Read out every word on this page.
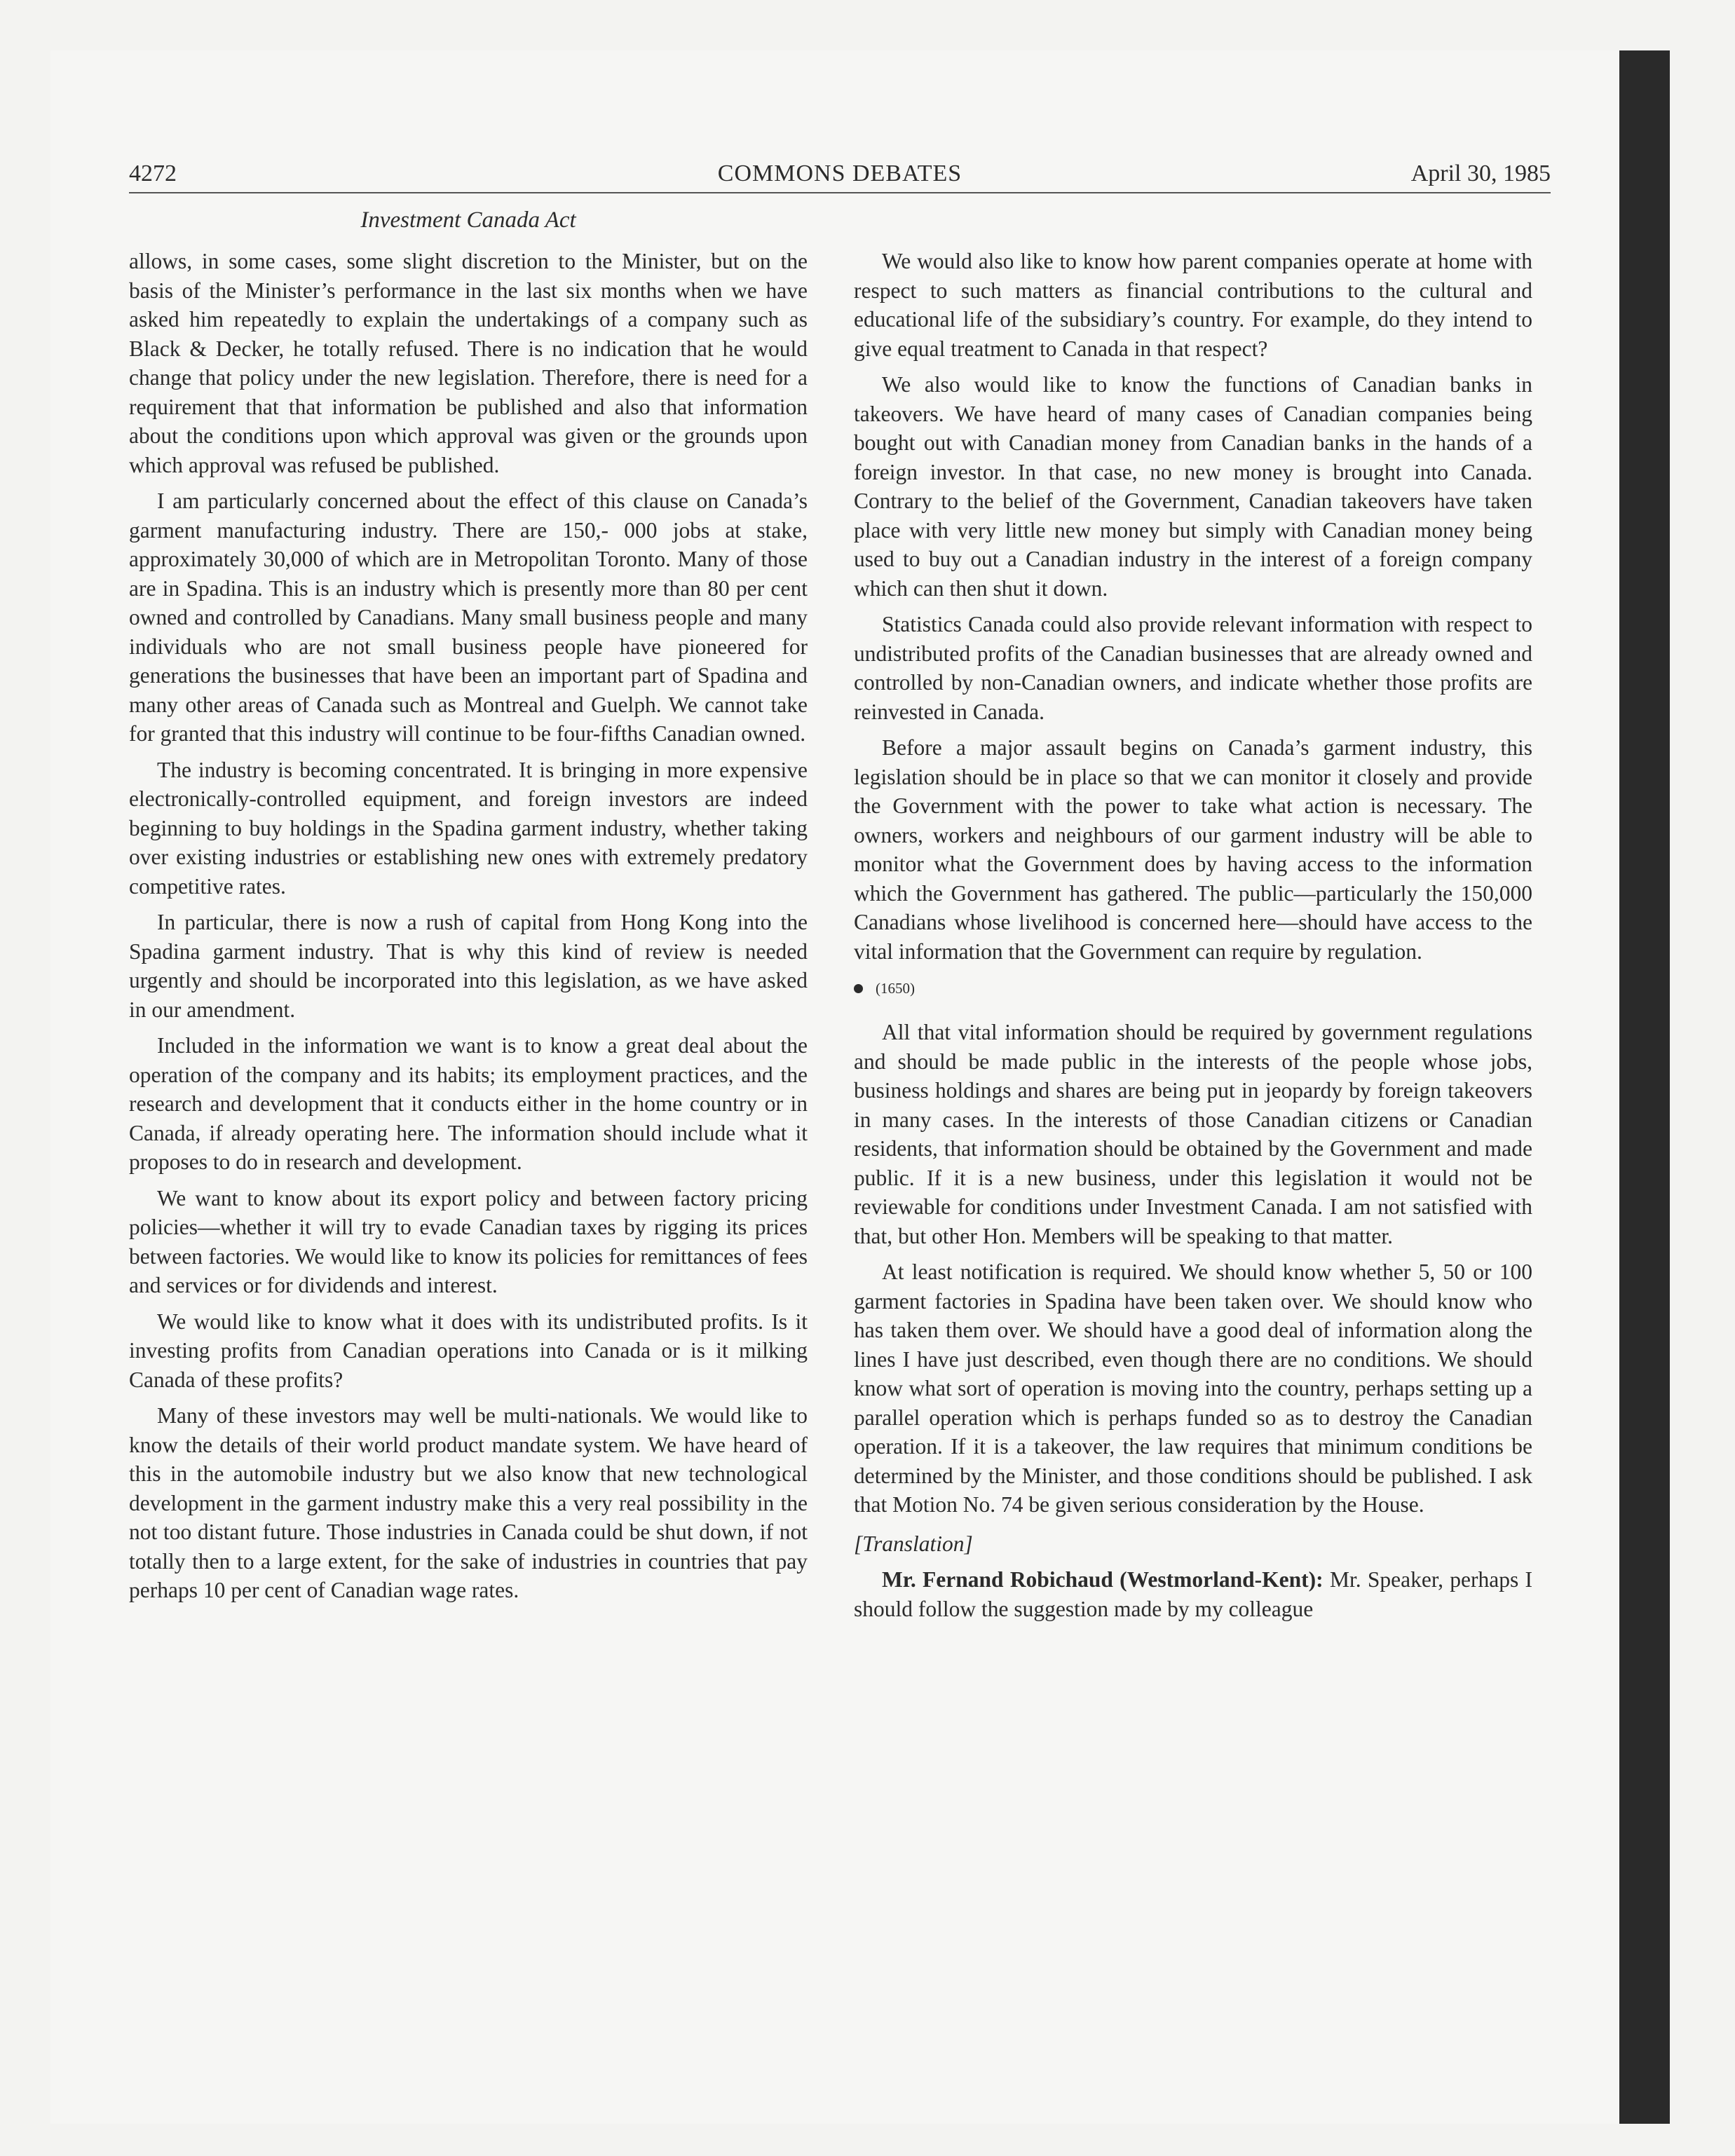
4272	COMMONS DEBATES	April 30, 1985
Investment Canada Act

allows, in some cases, some slight discretion to the Minister, but on the basis of the Minister’s performance in the last six months when we have asked him repeatedly to explain the undertakings of a company such as Black & Decker, he totally refused. There is no indication that he would change that policy under the new legislation. Therefore, there is need for a requirement that that information be published and also that information about the conditions upon which approval was given or the grounds upon which approval was refused be published.

I am particularly concerned about the effect of this clause on Canada’s garment manufacturing industry. There are 150,- 000 jobs at stake, approximately 30,000 of which are in Metropolitan Toronto. Many of those are in Spadina. This is an industry which is presently more than 80 per cent owned and controlled by Canadians. Many small business people and many individuals who are not small business people have pioneered for generations the businesses that have been an important part of Spadina and many other areas of Canada such as Montreal and Guelph. We cannot take for granted that this industry will continue to be four-fifths Canadian owned.

The industry is becoming concentrated. It is bringing in more expensive electronically-controlled equipment, and foreign investors are indeed beginning to buy holdings in the Spadina garment industry, whether taking over existing industries or establishing new ones with extremely predatory competitive rates.

In particular, there is now a rush of capital from Hong Kong into the Spadina garment industry. That is why this kind of review is needed urgently and should be incorporated into this legislation, as we have asked in our amendment.

Included in the information we want is to know a great deal about the operation of the company and its habits; its employment practices, and the research and development that it conducts either in the home country or in Canada, if already operating here. The information should include what it proposes to do in research and development.

We want to know about its export policy and between factory pricing policies—whether it will try to evade Canadian taxes by rigging its prices between factories. We would like to know its policies for remittances of fees and services or for dividends and interest.

We would like to know what it does with its undistributed profits. Is it investing profits from Canadian operations into Canada or is it milking Canada of these profits?

Many of these investors may well be multi-nationals. We would like to know the details of their world product mandate system. We have heard of this in the automobile industry but we also know that new technological development in the garment industry make this a very real possibility in the not too distant future. Those industries in Canada could be shut down, if not totally then to a large extent, for the sake of industries in countries that pay perhaps 10 per cent of Canadian wage rates.

We would also like to know how parent companies operate at home with respect to such matters as financial contributions to the cultural and educational life of the subsidiary’s country. For example, do they intend to give equal treatment to Canada in that respect?

We also would like to know the functions of Canadian banks in takeovers. We have heard of many cases of Canadian companies being bought out with Canadian money from Canadian banks in the hands of a foreign investor. In that case, no new money is brought into Canada. Contrary to the belief of the Government, Canadian takeovers have taken place with very little new money but simply with Canadian money being used to buy out a Canadian industry in the interest of a foreign company which can then shut it down.

Statistics Canada could also provide relevant information with respect to undistributed profits of the Canadian businesses that are already owned and controlled by non-Canadian owners, and indicate whether those profits are reinvested in Canada.

Before a major assault begins on Canada’s garment industry, this legislation should be in place so that we can monitor it closely and provide the Government with the power to take what action is necessary. The owners, workers and neighbours of our garment industry will be able to monitor what the Government does by having access to the information which the Government has gathered. The public—particularly the 150,000 Canadians whose livelihood is concerned here—should have access to the vital information that the Government can require by regulation.

(1650)

All that vital information should be required by government regulations and should be made public in the interests of the people whose jobs, business holdings and shares are being put in jeopardy by foreign takeovers in many cases. In the interests of those Canadian citizens or Canadian residents, that information should be obtained by the Government and made public. If it is a new business, under this legislation it would not be reviewable for conditions under Investment Canada. I am not satisfied with that, but other Hon. Members will be speaking to that matter.

At least notification is required. We should know whether 5, 50 or 100 garment factories in Spadina have been taken over. We should know who has taken them over. We should have a good deal of information along the lines I have just described, even though there are no conditions. We should know what sort of operation is moving into the country, perhaps setting up a parallel operation which is perhaps funded so as to destroy the Canadian operation. If it is a takeover, the law requires that minimum conditions be determined by the Minister, and those conditions should be published. I ask that Motion No. 74 be given serious consideration by the House.

[Translation]

Mr. Fernand Robichaud (Westmorland-Kent): Mr. Speaker, perhaps I should follow the suggestion made by my colleague
